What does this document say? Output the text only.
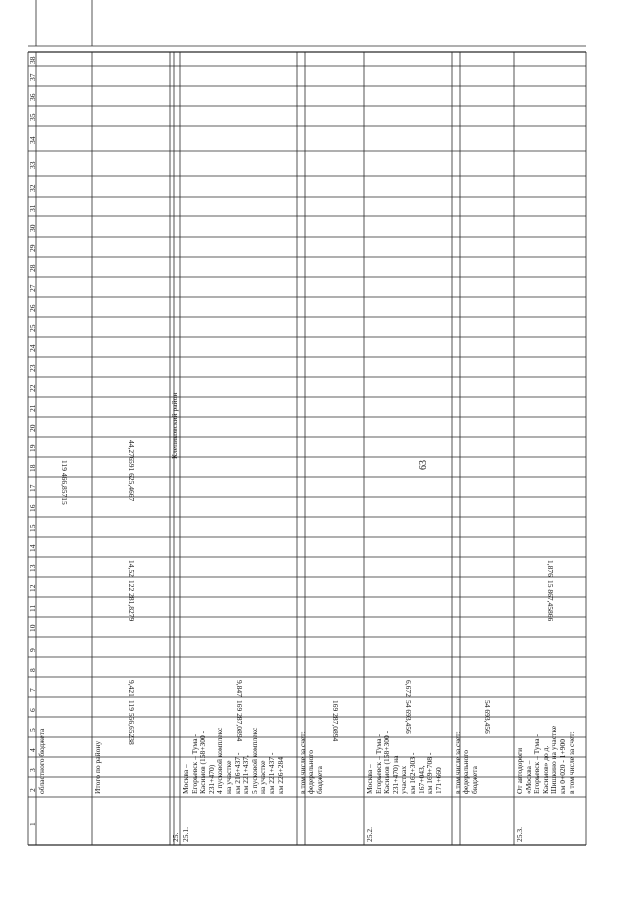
63
1
2
3
4
5
6
7
8
9
10
11
12
13
14
15
16
17
18
19
20
21
22
23
24
25
26
27
28
29
30
31
32
33
34
35
36
37
38
областного бюджета
119 466,85715
Итого по району
119 556,65238
9,421
122 281,8279
14,52
591 625,4667
44,276
25. 25.1.
Москва – Егорьевск – Тума - Касимов (158+300 - 231+470) 4 пусковой комплекс на участке км 216+437 - км 221+437, 5 пусковой комплекс на участке км 221+437 - км 226+284
169 287,0894
9,847
в том числе за счет: федерального бюджета
169 287,0894
25.2.
Москва – Егорьевск – Тума - Касимов (158+300 - 231+470) на участках км 162+303 - 167+043, км 169+708 - 171+660
54 693,456
6,672
в том числе за счет: федерального бюджета
54 693,456
25.3.
От автодороги «Москва – Егорьевск – Тума - Касимов» до д. Шишкино на участке км 0+020 - 1+900 в том числе за счет:
15 867,45866
1,876
Клепиковский район
